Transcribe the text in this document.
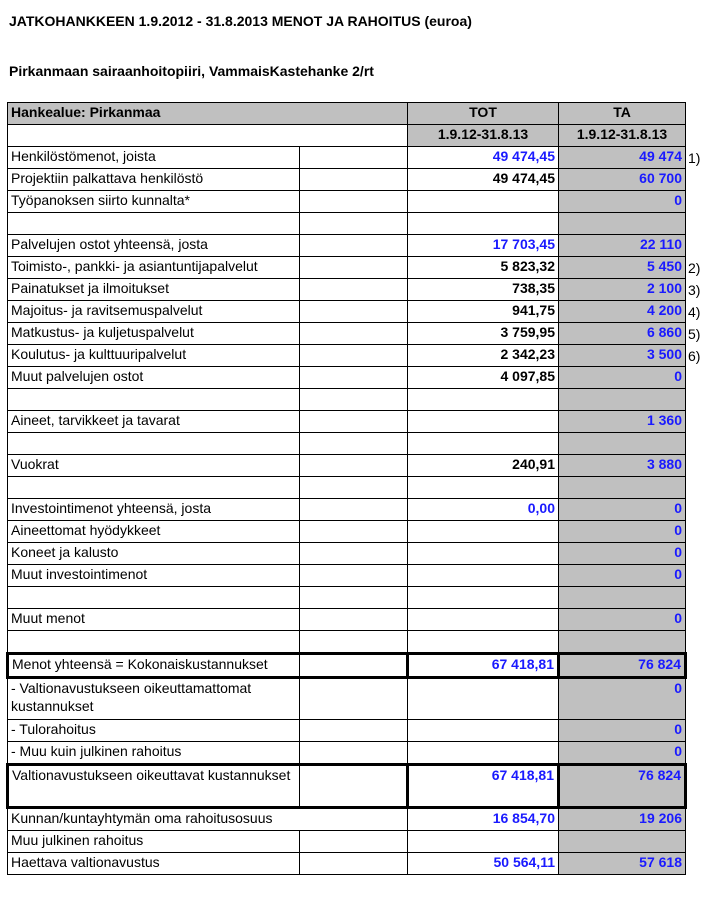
JATKOHANKKEEN 1.9.2012 - 31.8.2013 MENOT JA RAHOITUS (euroa)
Pirkanmaan sairaanhoitopiiri, VammaisKastehanke 2/rt
Hankealue: Pirkanmaa		TOT	TA
		1.9.12-31.8.13	1.9.12-31.8.13
Henkilöstömenot, joista		49 474,45	49 474
Projektiin palkattava henkilöstö		49 474,45	60 700
Työpanoksen siirto kunnalta*			0

Palvelujen ostot yhteensä, josta		17 703,45	22 110
Toimisto-, pankki- ja asiantuntijapalvelut		5 823,32	5 450
Painatukset ja ilmoitukset		738,35	2 100
Majoitus- ja ravitsemuspalvelut		941,75	4 200
Matkustus- ja kuljetuspalvelut		3 759,95	6 860
Koulutus- ja kulttuuripalvelut		2 342,23	3 500
Muut palvelujen ostot		4 097,85	0

Aineet, tarvikkeet ja tavarat			1 360

Vuokrat		240,91	3 880

Investointimenot yhteensä, josta		0,00	0
Aineettomat hyödykkeet			0
Koneet ja kalusto			0
Muut investointimenot			0

Muut menot			0

Menot yhteensä = Kokonaiskustannukset		67 418,81	76 824
- Valtionavustukseen oikeuttamattomat kustannukset			0
- Tulorahoitus			0
- Muu kuin julkinen rahoitus			0
Valtionavustukseen oikeuttavat kustannukset		67 418,81	76 824
Kunnan/kuntayhtymän oma rahoitusosuus		16 854,70	19 206
Muu julkinen rahoitus			
Haettava valtionavustus		50 564,11	57 618
1)
2)
3)
4)
5)
6)
